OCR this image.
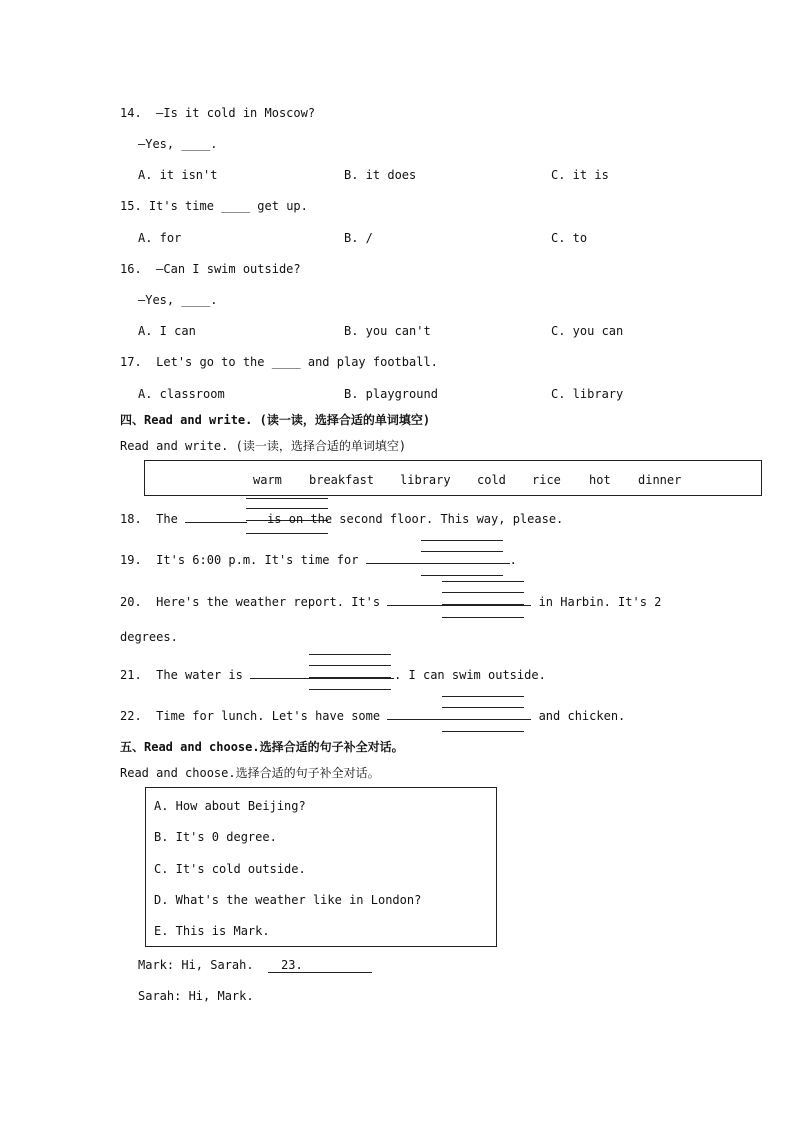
14. —Is it cold in Moscow?
—Yes, ____.
A. it isn't	B. it does	C. it is
15. It's time ____ get up.
A. for	B. /	C. to
16. —Can I swim outside?
—Yes, ____.
A. I can	B. you can't	C. you can
17. Let's go to the ____ and play football.
A. classroom	B. playground	C. library
四、Read and write. (读一读，选择合适的单词填空)
Read and write. (读一读，选择合适的单词填空)
warm breakfast library cold rice hot dinner
18. The	is on the second floor. This way, please.
19. It's 6:00 p.m. It's time for	.
20. Here's the weather report. It's	in Harbin. It's 2
degrees.
21. The water is	. I can swim outside.
22. Time for lunch. Let's have some	and chicken.
五、Read and choose.选择合适的句子补全对话。
Read and choose.选择合适的句子补全对话。
A. How about Beijing?
B. It's 0 degree.
C. It's cold outside.
D. What's the weather like in London?
E. This is Mark.
Mark: Hi, Sarah. 23.
Sarah: Hi, Mark.
